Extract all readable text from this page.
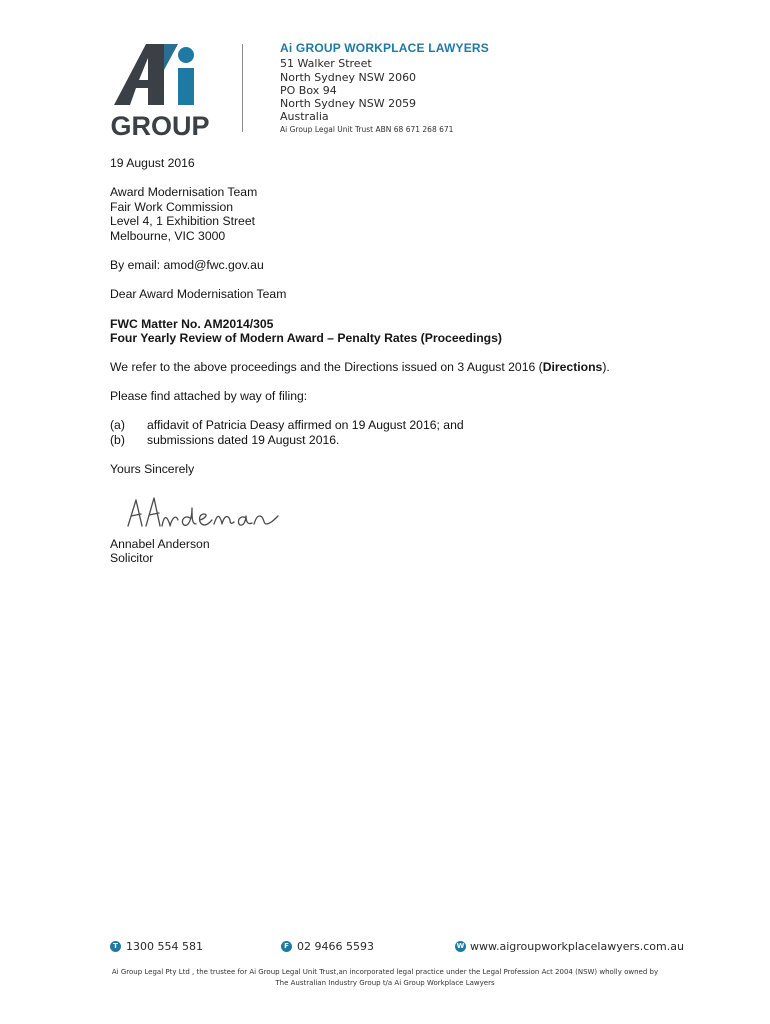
GROUP
Ai GROUP WORKPLACE LAWYERS
51 Walker Street
North Sydney NSW 2060
PO Box 94
North Sydney NSW 2059
Australia
Ai Group Legal Unit Trust ABN 68 671 268 671
19 August 2016
Award Modernisation Team
Fair Work Commission
Level 4, 1 Exhibition Street
Melbourne, VIC 3000
By email: amod@fwc.gov.au
Dear Award Modernisation Team
FWC Matter No. AM2014/305
Four Yearly Review of Modern Award – Penalty Rates (Proceedings)
We refer to the above proceedings and the Directions issued on 3 August 2016 (Directions).
Please find attached by way of filing:
(a) affidavit of Patricia Deasy affirmed on 19 August 2016; and
(b) submissions dated 19 August 2016.
Yours Sincerely
Annabel Anderson
Solicitor
T 1300 554 581	F 02 9466 5593	W www.aigroupworkplacelawyers.com.au
Ai Group Legal Pty Ltd , the trustee for Ai Group Legal Unit Trust,an incorporated legal practice under the Legal Profession Act 2004 (NSW) wholly owned by
The Australian Industry Group t/a Ai Group Workplace Lawyers
